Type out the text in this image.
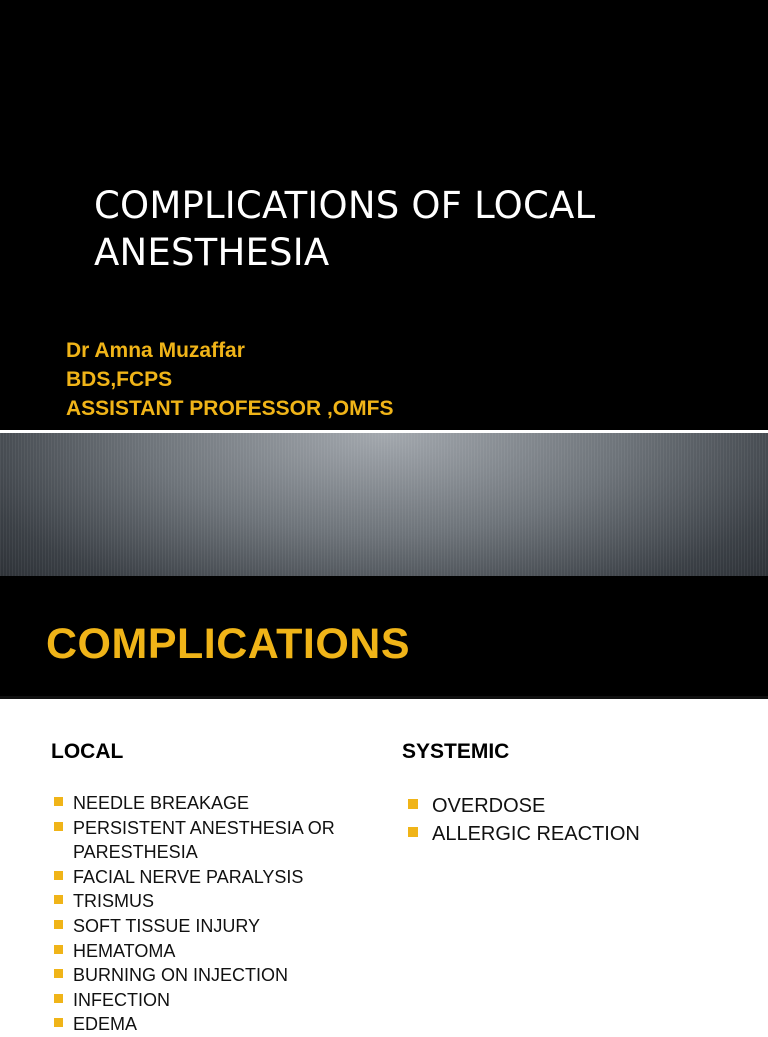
COMPLICATIONS OF LOCAL
ANESTHESIA
Dr Amna Muzaffar
BDS,FCPS
ASSISTANT PROFESSOR ,OMFS
COMPLICATIONS
LOCAL
NEEDLE BREAKAGE
PERSISTENT ANESTHESIA OR PARESTHESIA
FACIAL NERVE PARALYSIS
TRISMUS
SOFT TISSUE INJURY
HEMATOMA
BURNING ON INJECTION
INFECTION
EDEMA
SYSTEMIC
OVERDOSE
ALLERGIC REACTION
